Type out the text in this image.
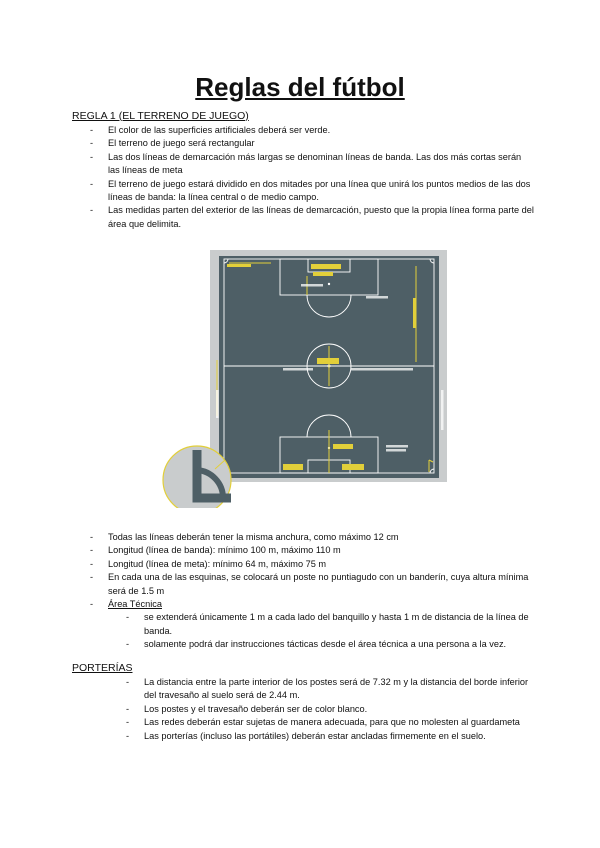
Reglas del fútbol
REGLA 1 (EL TERRENO DE JUEGO)
- El color de las superficies artificiales deberá ser verde.
- El terreno de juego será rectangular
- Las dos líneas de demarcación más largas se denominan líneas de banda. Las dos más cortas serán las líneas de meta
- El terreno de juego estará dividido en dos mitades por una línea que unirá los puntos medios de las dos líneas de banda: la línea central o de medio campo.
- Las medidas parten del exterior de las líneas de demarcación, puesto que la propia línea forma parte del área que delimita.
- Todas las líneas deberán tener la misma anchura, como máximo 12 cm
- Longitud (línea de banda): mínimo 100 m, máximo 110 m
- Longitud (línea de meta): mínimo 64 m, máximo 75 m
- En cada una de las esquinas, se colocará un poste no puntiagudo con un banderín, cuya altura mínima será de 1.5 m
- Área Técnica
- se extenderá únicamente 1 m a cada lado del banquillo y hasta 1 m de distancia de la línea de banda.
- solamente podrá dar instrucciones tácticas desde el área técnica a una persona a la vez.
PORTERÍAS
- La distancia entre la parte interior de los postes será de 7.32 m y la distancia del borde inferior del travesaño al suelo será de 2.44 m.
- Los postes y el travesaño deberán ser de color blanco.
- Las redes deberán estar sujetas de manera adecuada, para que no molesten al guardameta
- Las porterías (incluso las portátiles) deberán estar ancladas firmemente en el suelo.
